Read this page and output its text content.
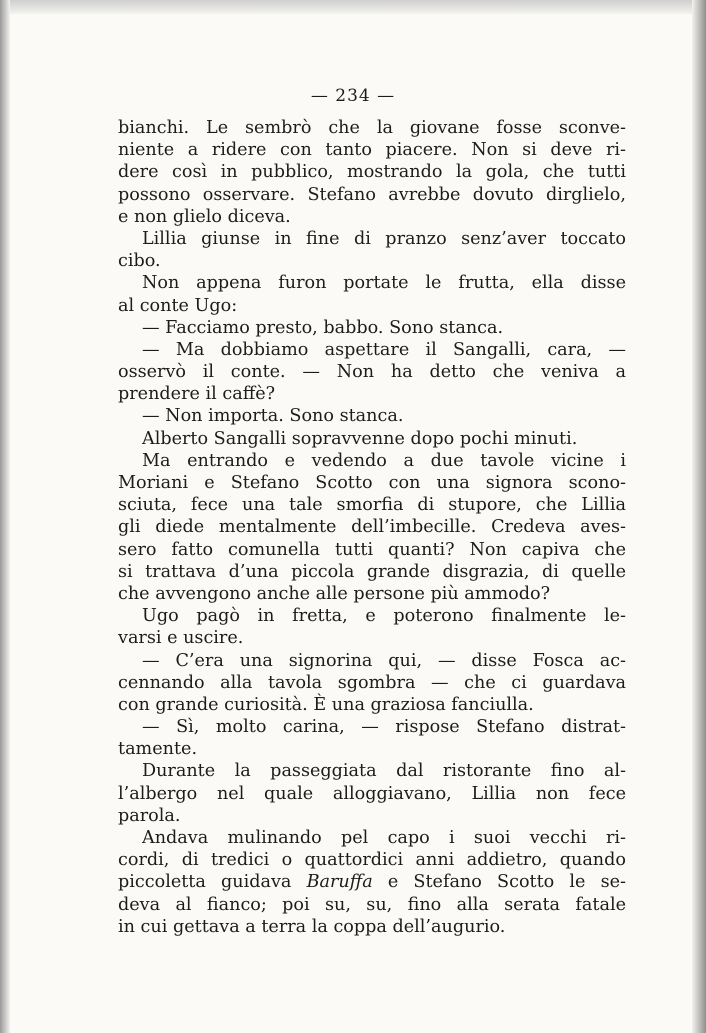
— 234 —
bianchi. Le sembrò che la giovane fosse sconve-
niente a ridere con tanto piacere. Non si deve ri-
dere così in pubblico, mostrando la gola, che tutti
possono osservare. Stefano avrebbe dovuto dirglielo,
e non glielo diceva.
Lillia giunse in fine di pranzo senz’aver toccato
cibo.
Non appena furon portate le frutta, ella disse
al conte Ugo:
— Facciamo presto, babbo. Sono stanca.
— Ma dobbiamo aspettare il Sangalli, cara, —
osservò il conte. — Non ha detto che veniva a
prendere il caffè?
— Non importa. Sono stanca.
Alberto Sangalli sopravvenne dopo pochi minuti.
Ma entrando e vedendo a due tavole vicine i
Moriani e Stefano Scotto con una signora scono-
sciuta, fece una tale smorfia di stupore, che Lillia
gli diede mentalmente dell’imbecille. Credeva aves-
sero fatto comunella tutti quanti? Non capiva che
si trattava d’una piccola grande disgrazia, di quelle
che avvengono anche alle persone più ammodo?
Ugo pagò in fretta, e poterono finalmente le-
varsi e uscire.
— C’era una signorina qui, — disse Fosca ac-
cennando alla tavola sgombra — che ci guardava
con grande curiosità. È una graziosa fanciulla.
— Sì, molto carina, — rispose Stefano distrat-
tamente.
Durante la passeggiata dal ristorante fino al-
l’albergo nel quale alloggiavano, Lillia non fece
parola.
Andava mulinando pel capo i suoi vecchi ri-
cordi, di tredici o quattordici anni addietro, quando
piccoletta guidava Baruffa e Stefano Scotto le se-
deva al fianco; poi su, su, fino alla serata fatale
in cui gettava a terra la coppa dell’augurio.
